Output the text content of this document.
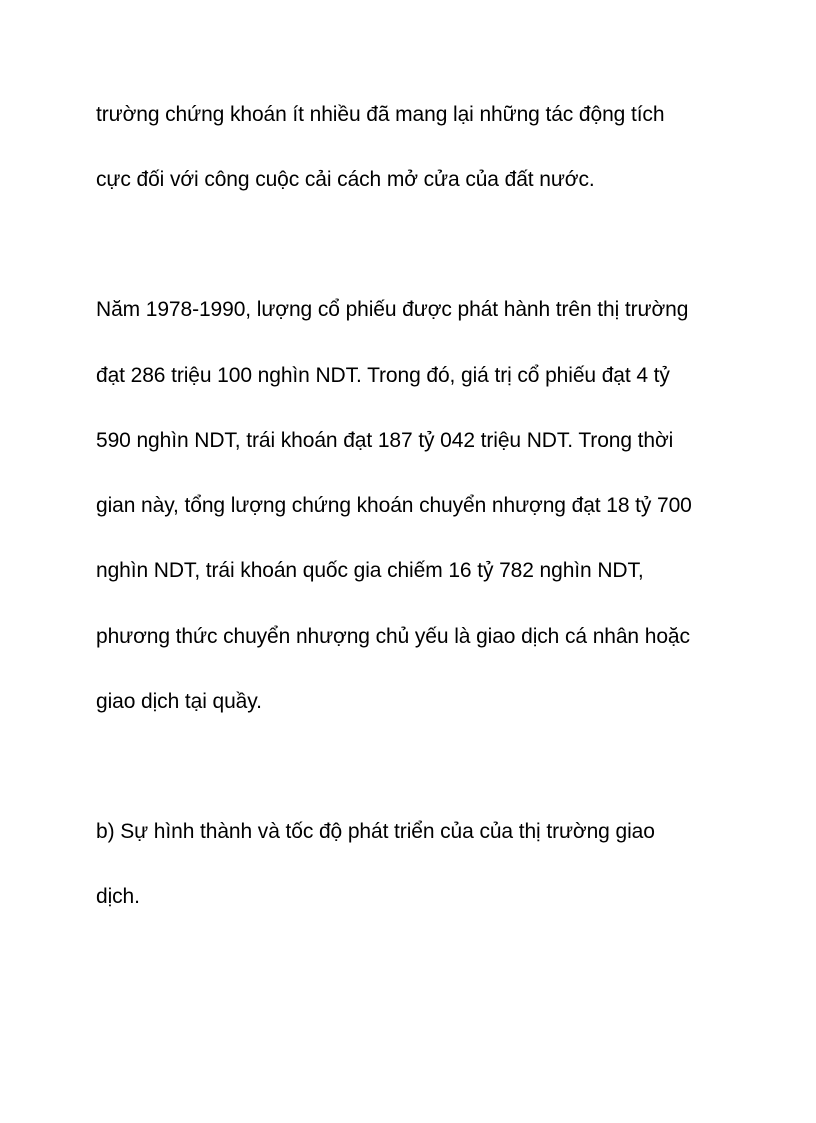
trường chứng khoán ít nhiều đã mang lại những tác động tích
cực đối với công cuộc cải cách mở cửa của đất nước.
Năm 1978-1990, lượng cổ phiếu được phát hành trên thị trường
đạt 286 triệu 100 nghìn NDT. Trong đó, giá trị cổ phiếu đạt 4 tỷ
590 nghìn NDT, trái khoán đạt 187 tỷ 042 triệu NDT. Trong thời
gian này, tổng lượng chứng khoán chuyển nhượng đạt 18 tỷ 700
nghìn NDT, trái khoán quốc gia chiếm 16 tỷ 782 nghìn NDT,
phương thức chuyển nhượng chủ yếu là giao dịch cá nhân hoặc
giao dịch tại quầy.
b) Sự hình thành và tốc độ phát triển của của thị trường giao
dịch.
